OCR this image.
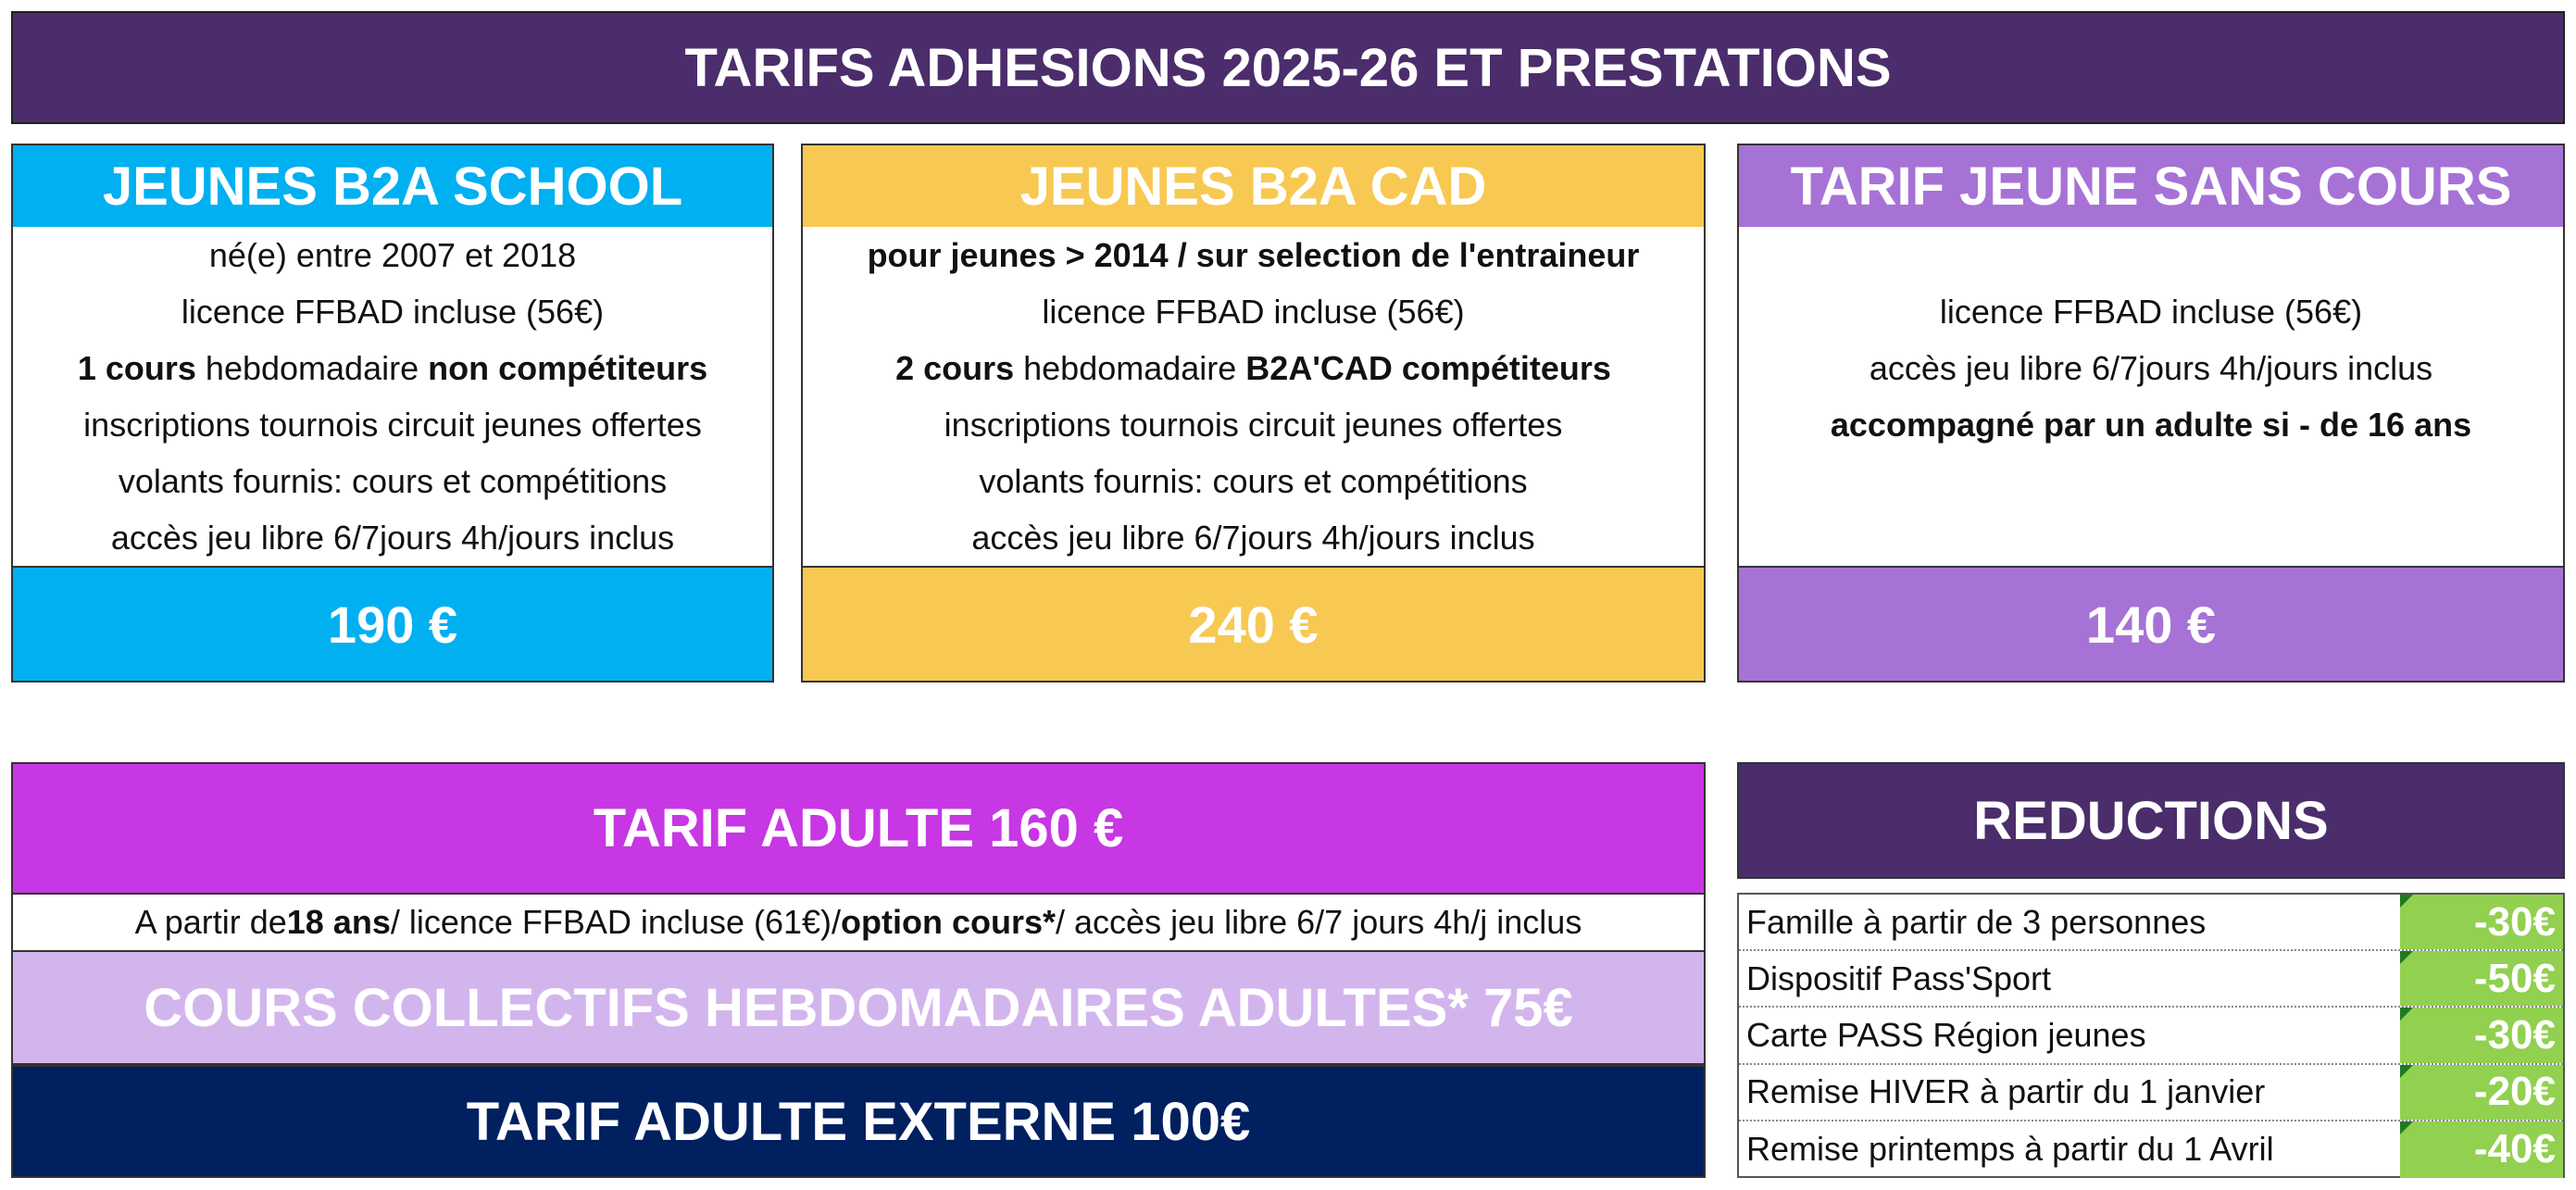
TARIFS ADHESIONS 2025-26 ET PRESTATIONS
JEUNES B2A SCHOOL
né(e) entre 2007 et 2018
licence FFBAD incluse (56€)
1 cours hebdomadaire non compétiteurs
inscriptions tournois circuit jeunes offertes
volants fournis: cours et compétitions
accès jeu libre 6/7jours 4h/jours inclus
190 €
JEUNES B2A CAD
pour jeunes > 2014 / sur selection de l'entraineur
licence FFBAD incluse (56€)
2 cours hebdomadaire B2A'CAD compétiteurs
inscriptions tournois circuit jeunes offertes
volants fournis: cours et compétitions
accès jeu libre 6/7jours 4h/jours inclus
240 €
TARIF JEUNE SANS COURS
licence FFBAD incluse (56€)
accès jeu libre 6/7jours 4h/jours inclus
accompagné par un adulte si - de 16 ans
140 €
TARIF ADULTE 160 €
A partir de 18 ans / licence FFBAD incluse (61€)/ option cours* / accès jeu libre 6/7 jours 4h/j inclus
COURS COLLECTIFS HEBDOMADAIRES ADULTES* 75€
TARIF ADULTE EXTERNE 100€
REDUCTIONS
Famille à partir de 3 personnes	-30€
Dispositif Pass'Sport	-50€
Carte PASS Région jeunes	-30€
Remise HIVER à partir du 1 janvier	-20€
Remise printemps à partir du 1 Avril	-40€
